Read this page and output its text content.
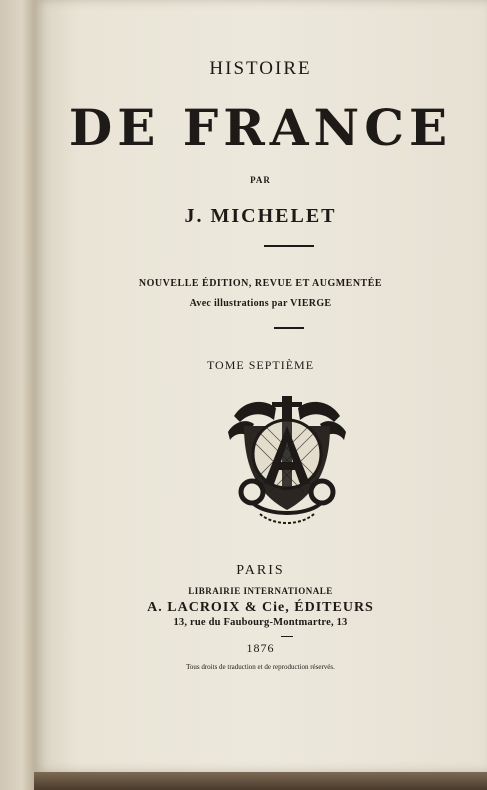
HISTOIRE
DE FRANCE
PAR
J. MICHELET
NOUVELLE ÉDITION, REVUE ET AUGMENTÉE
Avec illustrations par VIERGE
TOME SEPTIÈME
PARIS
LIBRAIRIE INTERNATIONALE
A. LACROIX & Cie, ÉDITEURS
13, rue du Faubourg-Montmartre, 13
1876
Tous droits de traduction et de reproduction réservés.
